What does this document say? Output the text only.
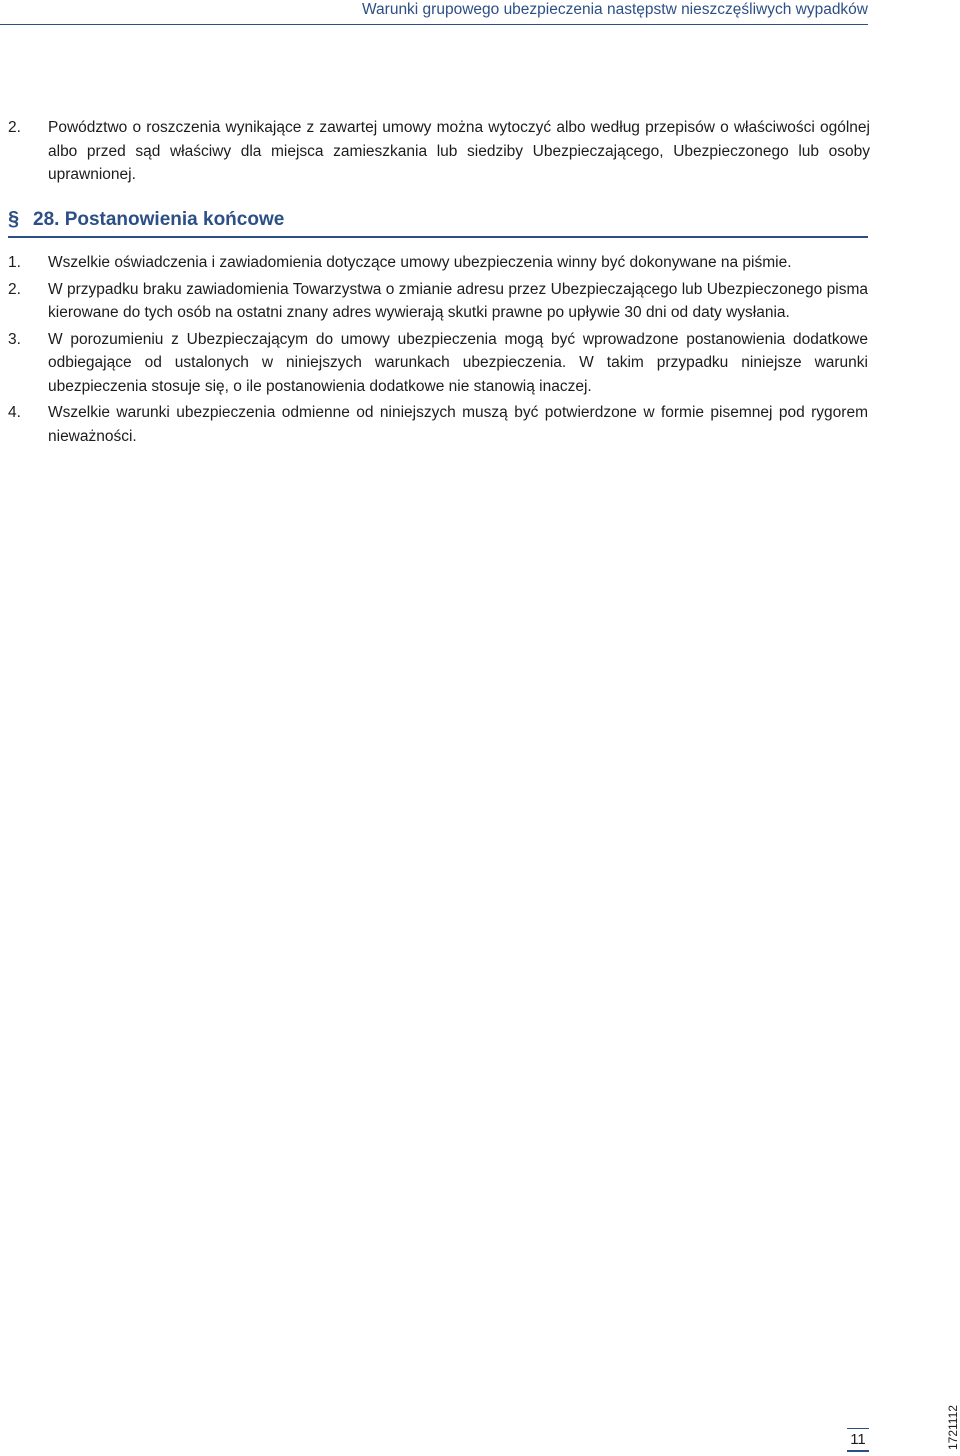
Warunki grupowego ubezpieczenia następstw nieszczęśliwych wypadków
2.	Powództwo o roszczenia wynikające z zawartej umowy można wytoczyć albo według przepisów o właściwości ogólnej albo przed sąd właściwy dla miejsca zamieszkania lub siedziby Ubezpieczającego, Ubezpieczonego lub osoby uprawnionej.
§ 28. Postanowienia końcowe
1.	Wszelkie oświadczenia i zawiadomienia dotyczące umowy ubezpieczenia winny być dokonywane na piśmie.
2.	W przypadku braku zawiadomienia Towarzystwa o zmianie adresu przez Ubezpieczającego lub Ubezpieczonego pisma kierowane do tych osób na ostatni znany adres wywierają skutki prawne po upływie 30 dni od daty wysłania.
3.	W porozumieniu z Ubezpieczającym do umowy ubezpieczenia mogą być wprowadzone postanowienia dodatkowe odbiegające od ustalonych w niniejszych warunkach ubezpieczenia. W takim przypadku niniejsze warunki ubezpieczenia stosuje się, o ile postanowienia dodatkowe nie stanowią inaczej.
4.	Wszelkie warunki ubezpieczenia odmienne od niniejszych muszą być potwierdzone w formie pisemnej pod rygorem nieważności.
11	1721112
